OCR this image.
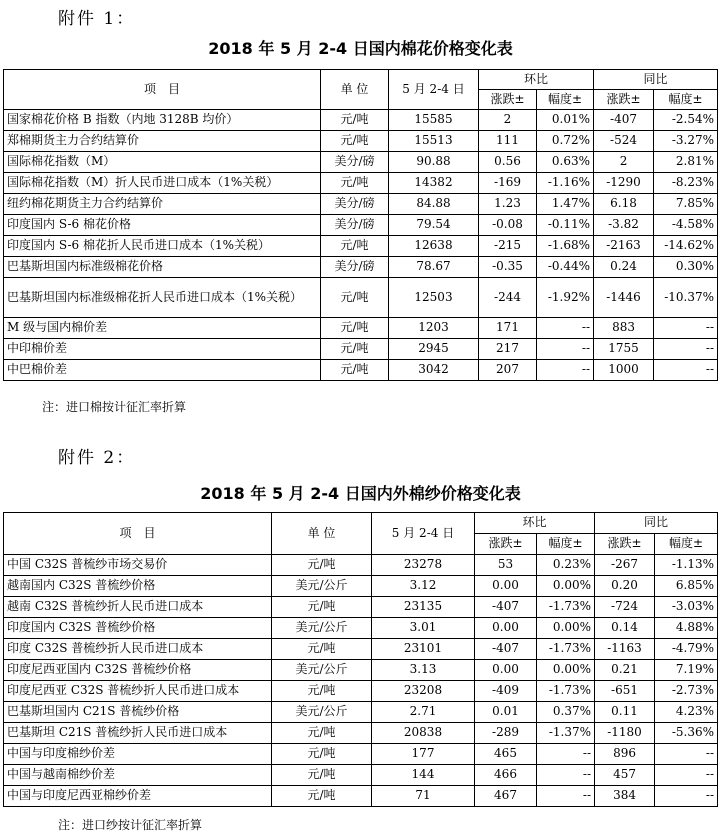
附件 1：
2018 年 5 月 2-4 日国内棉花价格变化表
项　目	单 位	5 月 2-4 日	环比		同比	
			涨跌±	幅度±	涨跌±	幅度±
国家棉花价格 B 指数（内地 3128B 均价）	元/吨	15585	2	0.01%	-407	-2.54%
郑棉期货主力合约结算价	元/吨	15513	111	0.72%	-524	-3.27%
国际棉花指数（M）	美分/磅	90.88	0.56	0.63%	2	2.81%
国际棉花指数（M）折人民币进口成本（1%关税）	元/吨	14382	-169	-1.16%	-1290	-8.23%
纽约棉花期货主力合约结算价	美分/磅	84.88	1.23	1.47%	6.18	7.85%
印度国内 S-6 棉花价格	美分/磅	79.54	-0.08	-0.11%	-3.82	-4.58%
印度国内 S-6 棉花折人民币进口成本（1%关税）	元/吨	12638	-215	-1.68%	-2163	-14.62%
巴基斯坦国内标准级棉花价格	美分/磅	78.67	-0.35	-0.44%	0.24	0.30%
巴基斯坦国内标准级棉花折人民币进口成本（1%关税）	元/吨	12503	-244	-1.92%	-1446	-10.37%
M 级与国内棉价差	元/吨	1203	171	--	883	--
中印棉价差	元/吨	2945	217	--	1755	--
中巴棉价差	元/吨	3042	207	--	1000	--
注：进口棉按计征汇率折算
附件 2：
2018 年 5 月 2-4 日国内外棉纱价格变化表
项　目	单 位	5 月 2-4 日	环比		同比	
			涨跌±	幅度±	涨跌±	幅度±
中国 C32S 普梳纱市场交易价	元/吨	23278	53	0.23%	-267	-1.13%
越南国内 C32S 普梳纱价格	美元/公斤	3.12	0.00	0.00%	0.20	6.85%
越南 C32S 普梳纱折人民币进口成本	元/吨	23135	-407	-1.73%	-724	-3.03%
印度国内 C32S 普梳纱价格	美元/公斤	3.01	0.00	0.00%	0.14	4.88%
印度 C32S 普梳纱折人民币进口成本	元/吨	23101	-407	-1.73%	-1163	-4.79%
印度尼西亚国内 C32S 普梳纱价格	美元/公斤	3.13	0.00	0.00%	0.21	7.19%
印度尼西亚 C32S 普梳纱折人民币进口成本	元/吨	23208	-409	-1.73%	-651	-2.73%
巴基斯坦国内 C21S 普梳纱价格	美元/公斤	2.71	0.01	0.37%	0.11	4.23%
巴基斯坦 C21S 普梳纱折人民币进口成本	元/吨	20838	-289	-1.37%	-1180	-5.36%
中国与印度棉纱价差	元/吨	177	465	--	896	--
中国与越南棉纱价差	元/吨	144	466	--	457	--
中国与印度尼西亚棉纱价差	元/吨	71	467	--	384	--
注：进口纱按计征汇率折算
